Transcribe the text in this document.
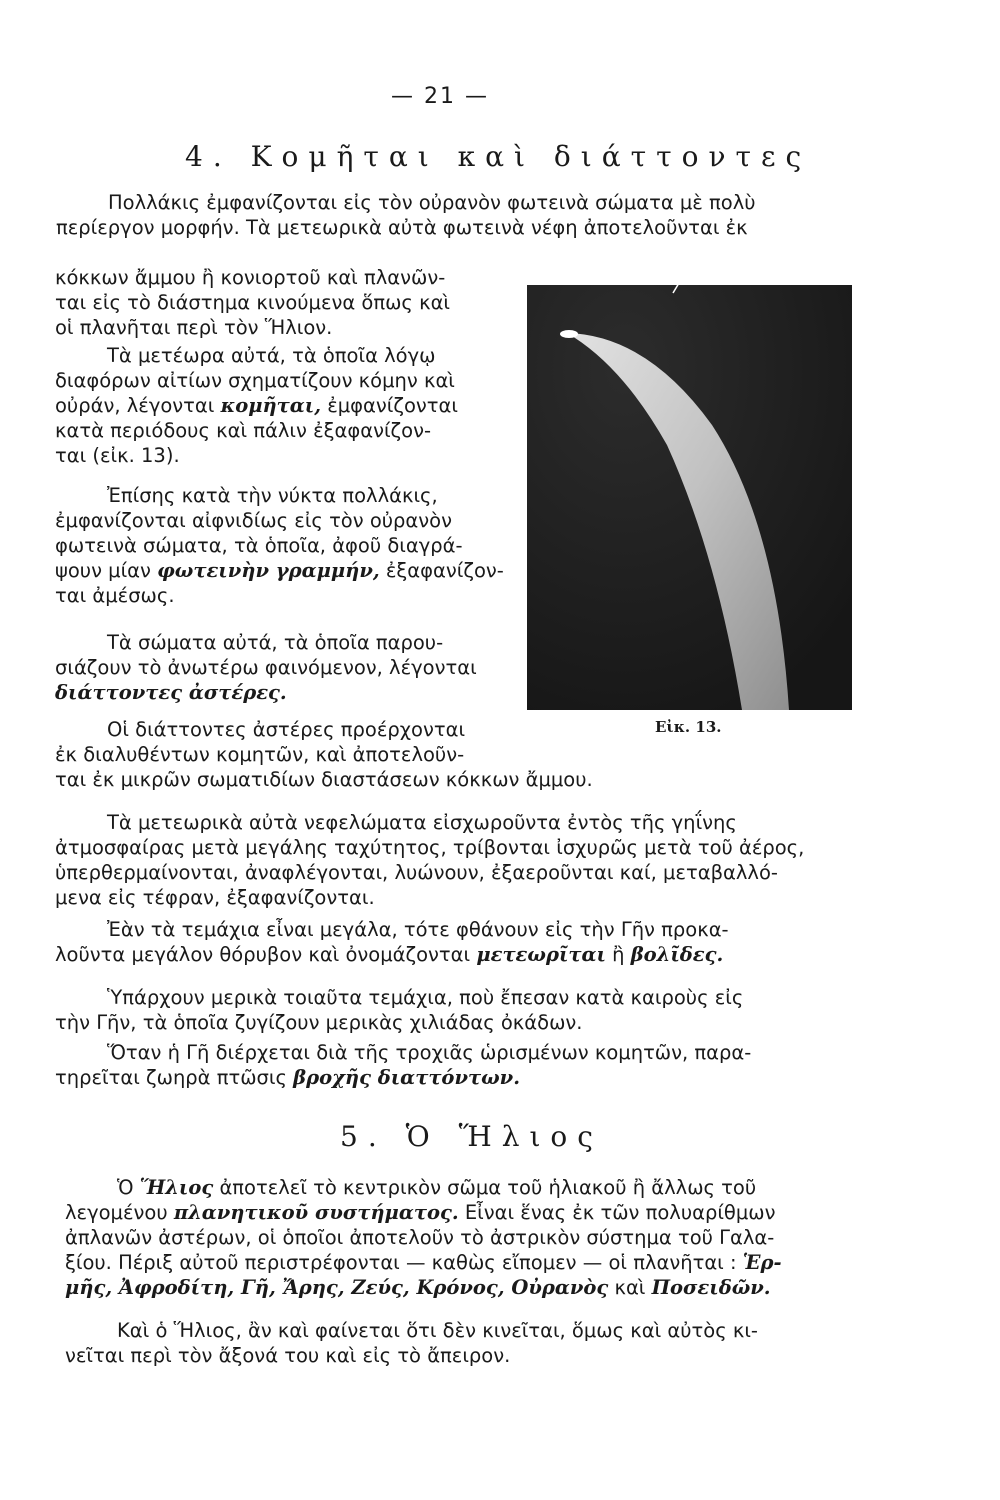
— 21 —
4. Κομῆται καὶ διάττοντες
Πολλάκις ἐμφανίζονται εἰς τὸν οὐρανὸν φωτεινὰ σώματα μὲ πολὺ
περίεργον μορφήν. Τὰ μετεωρικὰ αὐτὰ φωτεινὰ νέφη ἀποτελοῦνται ἐκ
κόκκων ἄμμου ἢ κονιορτοῦ καὶ πλανῶν-
ται εἰς τὸ διάστημα κινούμενα ὅπως καὶ
οἱ πλανῆται περὶ τὸν Ἥλιον.
Τὰ μετέωρα αὐτά, τὰ ὁποῖα λόγῳ
διαφόρων αἰτίων σχηματίζουν κόμην καὶ
οὐράν, λέγονται κομῆται, ἐμφανίζονται
κατὰ περιόδους καὶ πάλιν ἐξαφανίζον-
ται (εἰκ. 13).
Ἐπίσης κατὰ τὴν νύκτα πολλάκις,
ἐμφανίζονται αἰφνιδίως εἰς τὸν οὐρανὸν
φωτεινὰ σώματα, τὰ ὁποῖα, ἀφοῦ διαγρά-
ψουν μίαν φωτεινὴν γραμμήν, ἐξαφανίζον-
ται ἀμέσως.
Τὰ σώματα αὐτά, τὰ ὁποῖα παρου-
σιάζουν τὸ ἀνωτέρω φαινόμενον, λέγονται
διάττοντες ἀστέρες.
Οἱ διάττοντες ἀστέρες προέρχονται
ἐκ διαλυθέντων κομητῶν, καὶ ἀποτελοῦν-
ται ἐκ μικρῶν σωματιδίων διαστάσεων κόκκων ἄμμου.
Εἰκ. 13.
Τὰ μετεωρικὰ αὐτὰ νεφελώματα εἰσχωροῦντα ἐντὸς τῆς γηΐνης
ἀτμοσφαίρας μετὰ μεγάλης ταχύτητος, τρίβονται ἰσχυρῶς μετὰ τοῦ ἀέρος,
ὑπερθερμαίνονται, ἀναφλέγονται, λυώνουν, ἐξαεροῦνται καί, μεταβαλλό-
μενα εἰς τέφραν, ἐξαφανίζονται.
Ἐὰν τὰ τεμάχια εἶναι μεγάλα, τότε φθάνουν εἰς τὴν Γῆν προκα-
λοῦντα μεγάλον θόρυβον καὶ ὀνομάζονται μετεωρῖται ἢ βολῖδες.
Ὑπάρχουν μερικὰ τοιαῦτα τεμάχια, ποὺ ἔπεσαν κατὰ καιροὺς εἰς
τὴν Γῆν, τὰ ὁποῖα ζυγίζουν μερικὰς χιλιάδας ὀκάδων.
Ὅταν ἡ Γῆ διέρχεται διὰ τῆς τροχιᾶς ὡρισμένων κομητῶν, παρα-
τηρεῖται ζωηρὰ πτῶσις βροχῆς διαττόντων.
5. Ὁ Ἥλιος
Ὁ Ἥλιος ἀποτελεῖ τὸ κεντρικὸν σῶμα τοῦ ἡλιακοῦ ἢ ἄλλως τοῦ
λεγομένου πλανητικοῦ συστήματος. Εἶναι ἕνας ἐκ τῶν πολυαρίθμων
ἀπλανῶν ἀστέρων, οἱ ὁποῖοι ἀποτελοῦν τὸ ἀστρικὸν σύστημα τοῦ Γαλα-
ξίου. Πέριξ αὐτοῦ περιστρέφονται — καθὼς εἴπομεν — οἱ πλανῆται : Ἑρ-
μῆς, Ἀφροδίτη, Γῆ, Ἄρης, Ζεύς, Κρόνος, Οὐρανὸς καὶ Ποσειδῶν.
Καὶ ὁ Ἥλιος, ἂν καὶ φαίνεται ὅτι δὲν κινεῖται, ὅμως καὶ αὐτὸς κι-
νεῖται περὶ τὸν ἄξονά του καὶ εἰς τὸ ἄπειρον.
